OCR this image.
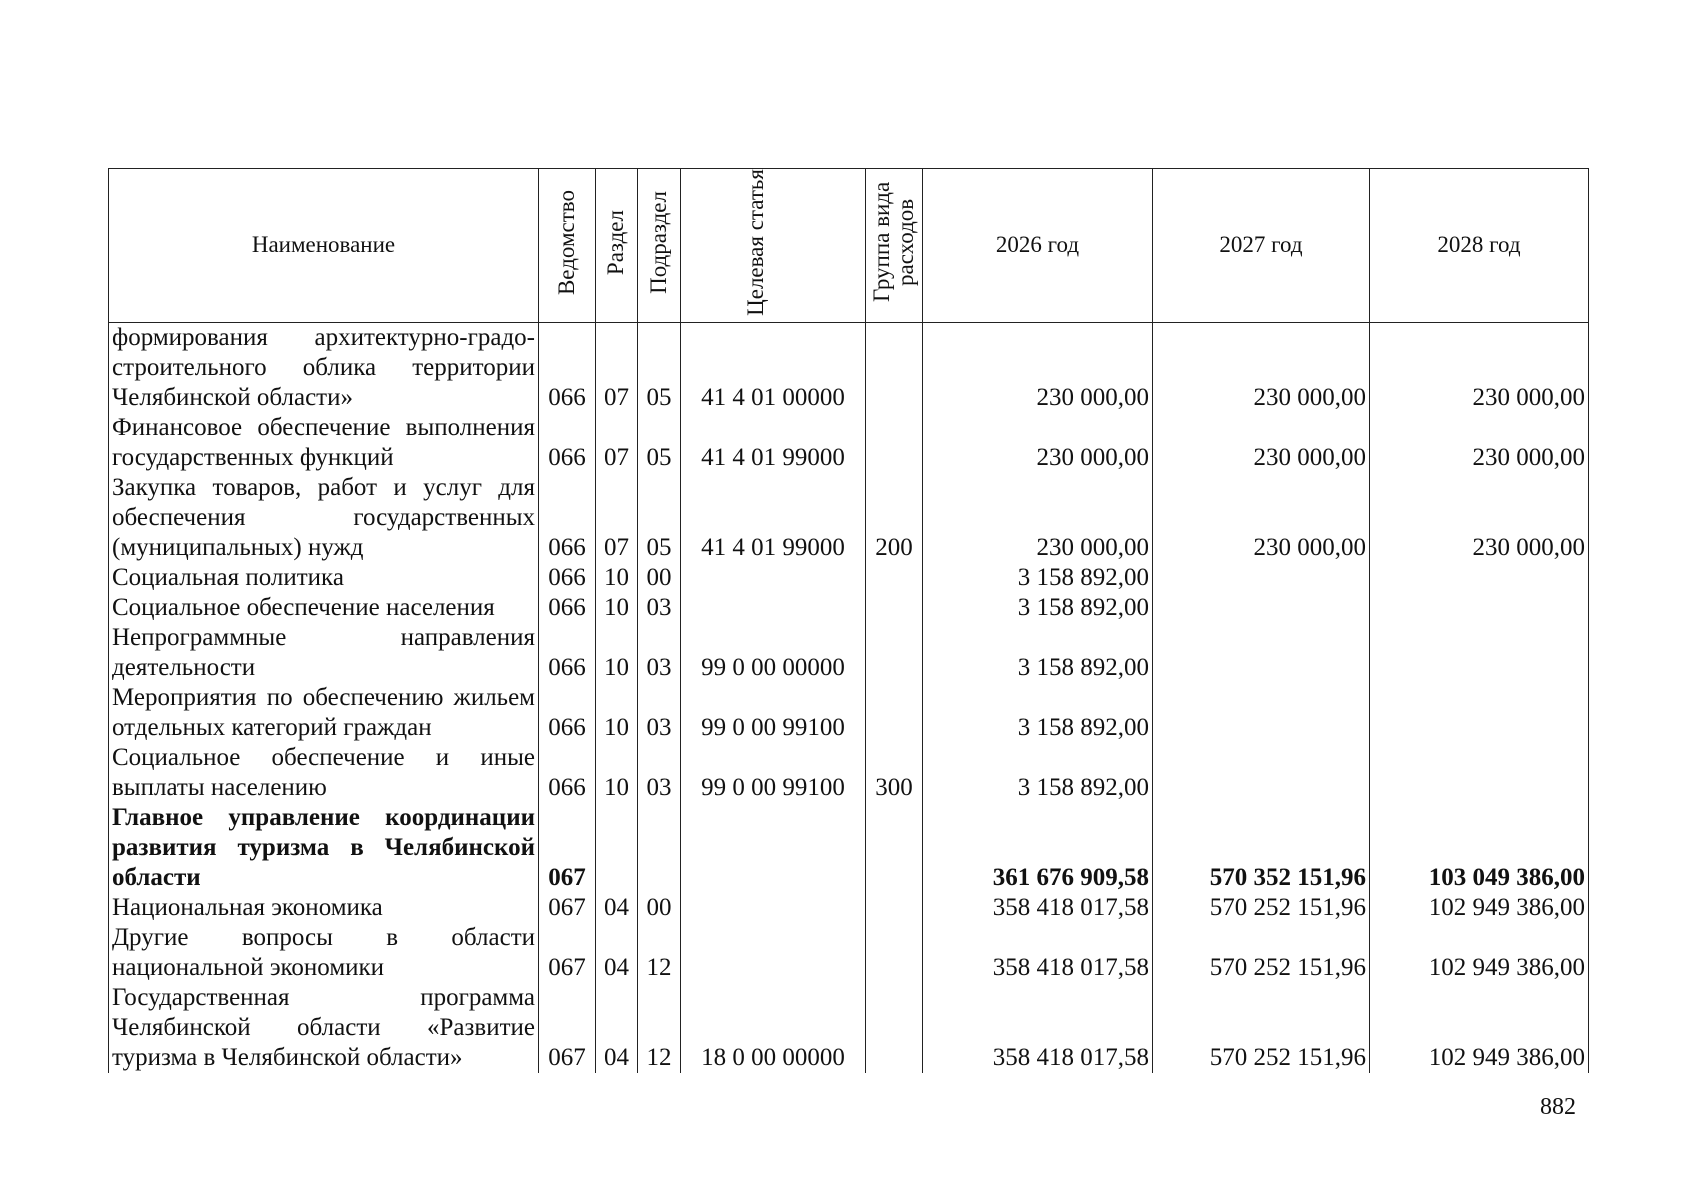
Наименование	Ведомство	Раздел	Подраздел	Целевая статья	Группа вида расходов	2026 год	2027 год	2028 год
формирования архитектурно-градо-строительного облика территории Челябинской области»	066	07	05	41 4 01 00000		230 000,00	230 000,00	230 000,00
Финансовое обеспечение выполнения государственных функций	066	07	05	41 4 01 99000		230 000,00	230 000,00	230 000,00
Закупка товаров, работ и услуг для обеспечения государственных (муниципальных) нужд	066	07	05	41 4 01 99000	200	230 000,00	230 000,00	230 000,00
Социальная политика	066	10	00			3 158 892,00		
Социальное обеспечение населения	066	10	03			3 158 892,00		
Непрограммные направления деятельности	066	10	03	99 0 00 00000		3 158 892,00		
Мероприятия по обеспечению жильем отдельных категорий граждан	066	10	03	99 0 00 99100		3 158 892,00		
Социальное обеспечение и иные выплаты населению	066	10	03	99 0 00 99100	300	3 158 892,00		
Главное управление координации развития туризма в Челябинской области	067					361 676 909,58	570 352 151,96	103 049 386,00
Национальная экономика	067	04	00			358 418 017,58	570 252 151,96	102 949 386,00
Другие вопросы в области национальной экономики	067	04	12			358 418 017,58	570 252 151,96	102 949 386,00
Государственная программа Челябинской области «Развитие туризма в Челябинской области»	067	04	12	18 0 00 00000		358 418 017,58	570 252 151,96	102 949 386,00
882
